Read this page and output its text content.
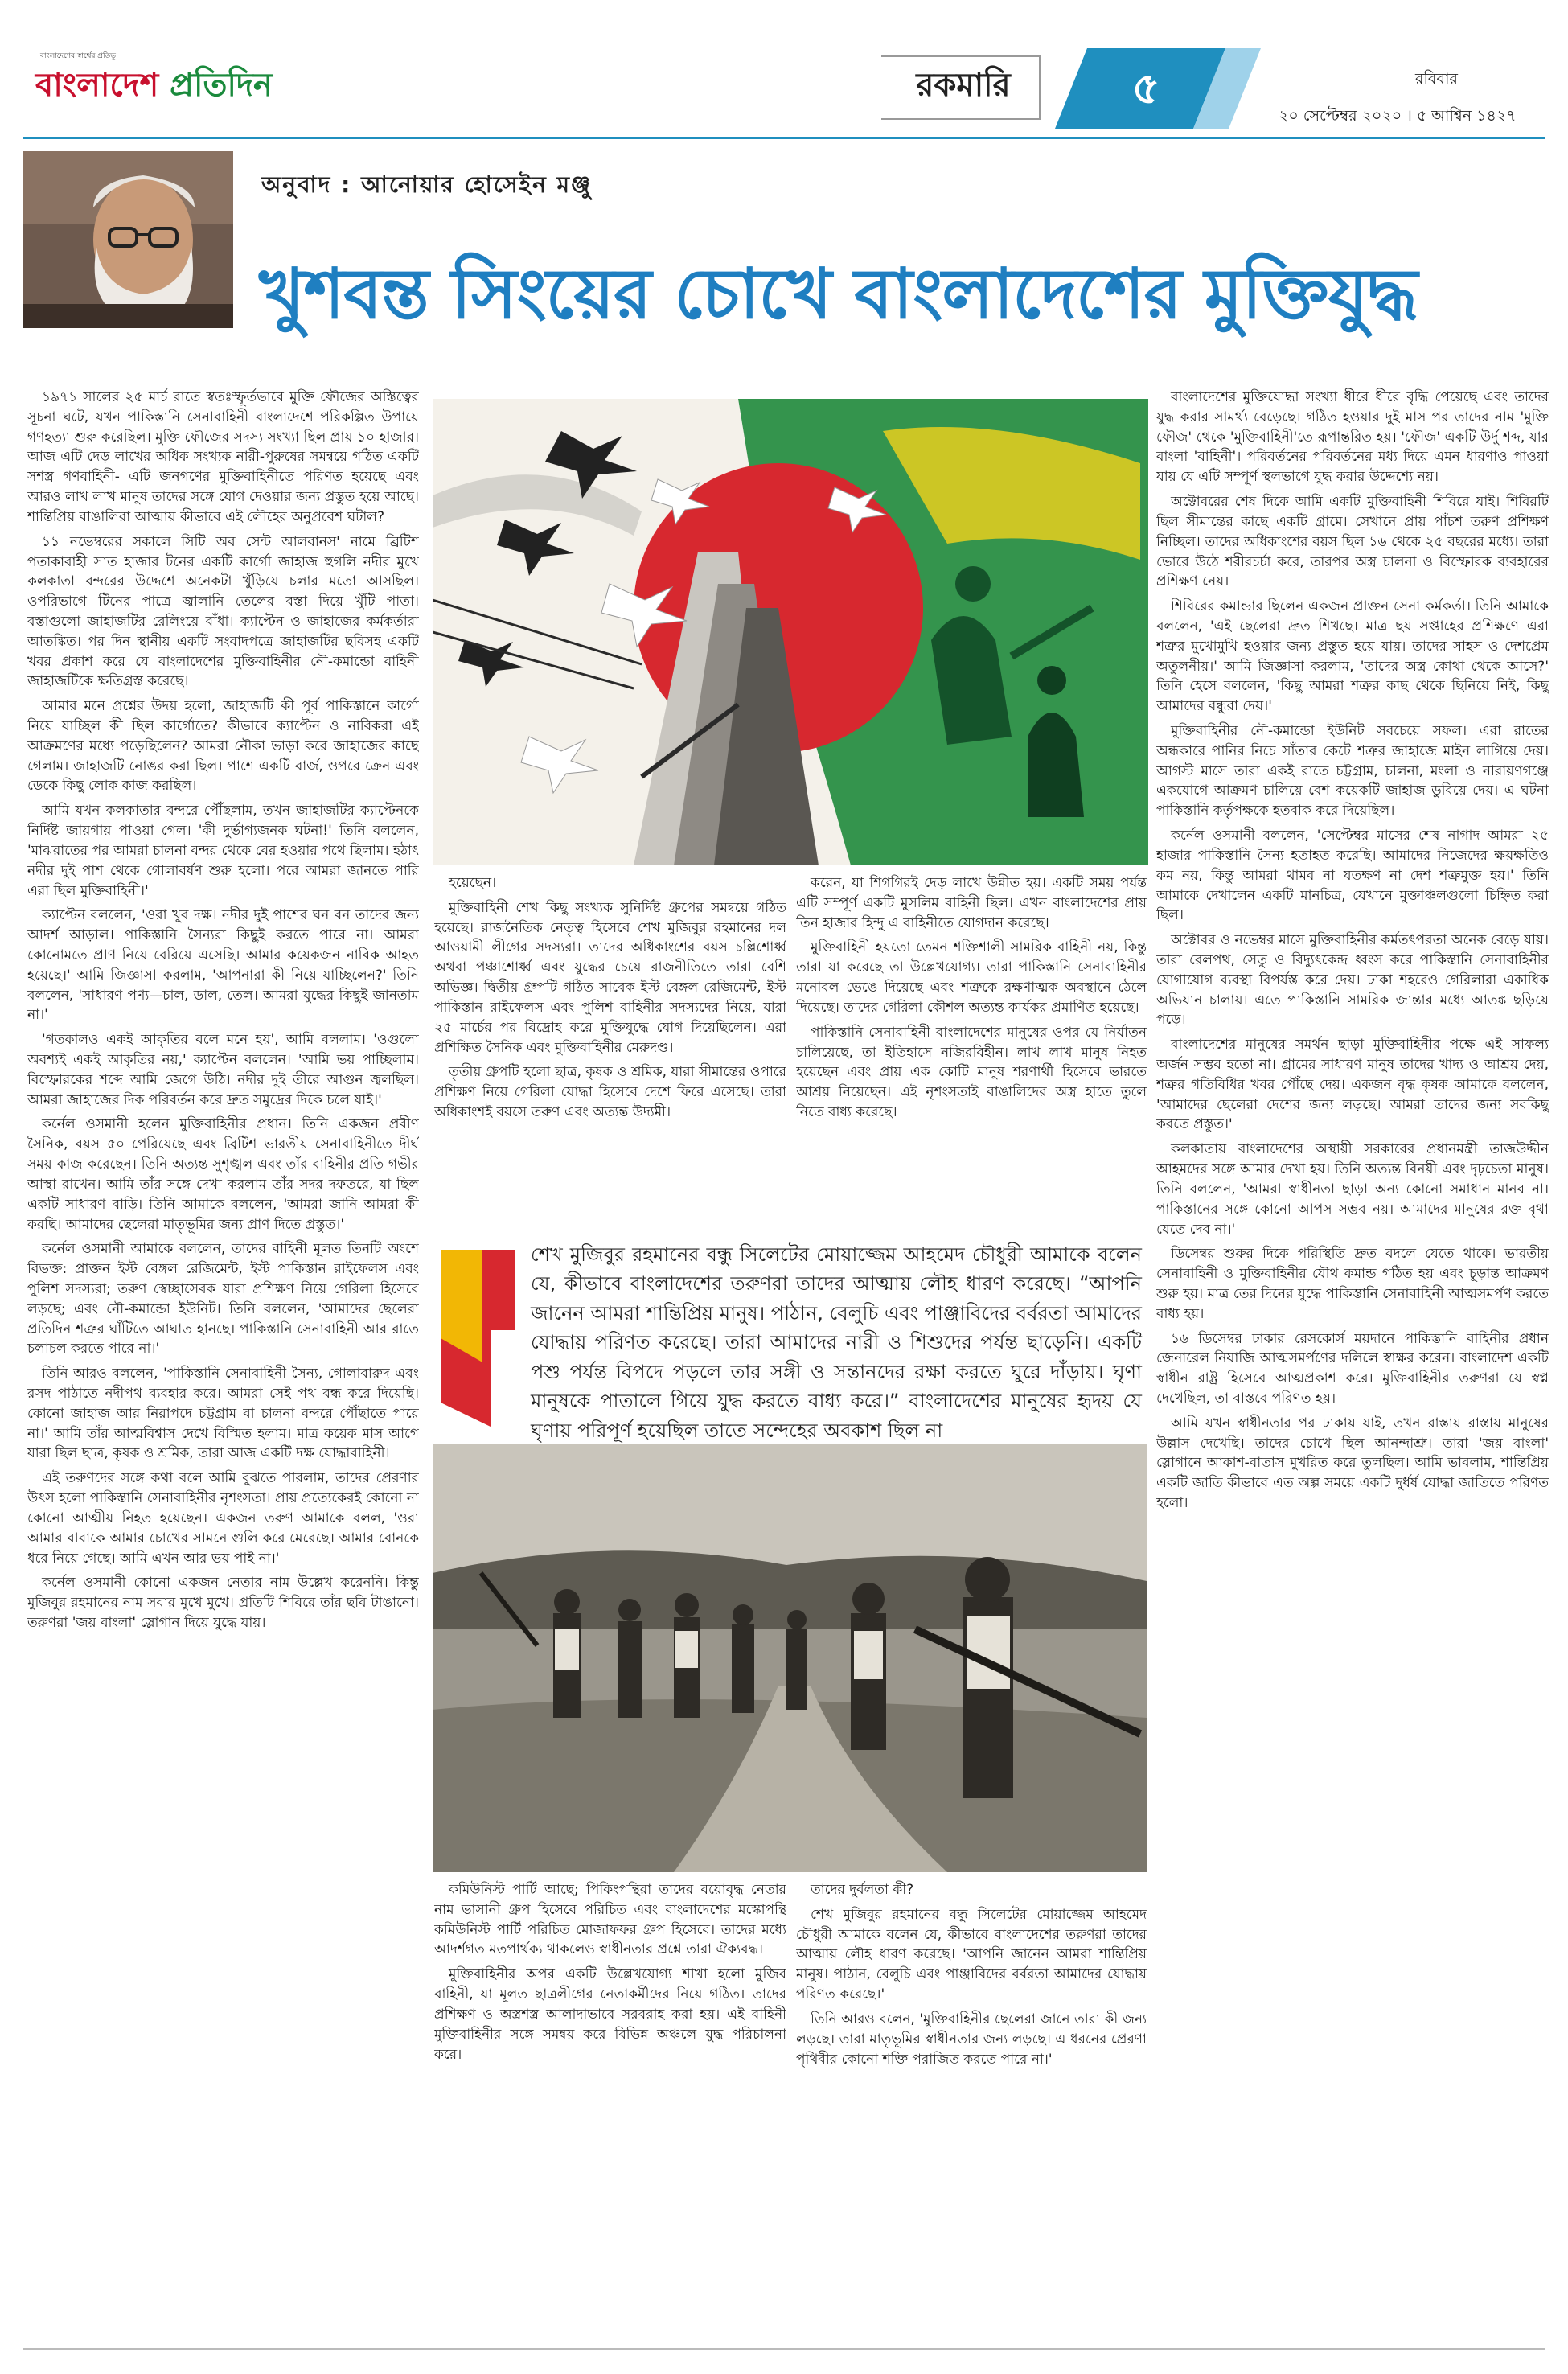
বাংলাদেশের স্বার্থের প্রতিভূ
বাংলাদেশ প্রতিদিন	রকমারি	৫	রবিবার
২০ সেপ্টেম্বর ২০২০ । ৫ আশ্বিন ১৪২৭
অনুবাদ : আনোয়ার হোসেইন মঞ্জু
খুশবন্ত সিংয়ের চোখে বাংলাদেশের মুক্তিযুদ্ধ

১৯৭১ সালের ২৫ মার্চ রাতে স্বতঃস্ফূর্তভাবে মুক্তি ফৌজের অস্তিত্বের সূচনা ঘটে, যখন পাকিস্তানি সেনাবাহিনী বাংলাদেশে পরিকল্পিত উপায়ে গণহত্যা শুরু করেছিল। মুক্তি ফৌজের সদস্য সংখ্যা ছিল প্রায় ১০ হাজার। আজ এটি দেড় লাখের অধিক সংখ্যক নারী-পুরুষের সমন্বয়ে গঠিত একটি সশস্ত্র গণবাহিনী- এটি জনগণের মুক্তিবাহিনীতে পরিণত হয়েছে এবং আরও লাখ লাখ মানুষ তাদের সঙ্গে যোগ দেওয়ার জন্য প্রস্তুত হয়ে আছে। শান্তিপ্রিয় বাঙালিরা আত্মায় কীভাবে এই লৌহের অনুপ্রবেশ ঘটাল?

১১ নভেম্বরের সকালে সিটি অব সেন্ট আলবানস' নামে ব্রিটিশ পতাকাবাহী সাত হাজার টনের একটি কার্গো জাহাজ হুগলি নদীর মুখে কলকাতা বন্দরের উদ্দেশে অনেকটা খুঁড়িয়ে চলার মতো আসছিল। ওপরিভাগে টিনের পাত্রে জ্বালানি তেলের বস্তা দিয়ে খুঁটি পাতা। বস্তাগুলো জাহাজটির রেলিংয়ে বাঁধা। ক্যাপ্টেন ও জাহাজের কর্মকর্তারা আতঙ্কিত। পর দিন স্থানীয় একটি সংবাদপত্রে জাহাজটির ছবিসহ একটি খবর প্রকাশ করে যে বাংলাদেশের মুক্তিবাহিনীর নৌ-কমান্ডো বাহিনী জাহাজটিকে ক্ষতিগ্রস্ত করেছে।

আমার মনে প্রশ্নের উদয় হলো, জাহাজটি কী পূর্ব পাকিস্তানে কার্গো নিয়ে যাচ্ছিল কী ছিল কার্গোতে? কীভাবে ক্যাপ্টেন ও নাবিকরা এই আক্রমণের মধ্যে পড়েছিলেন? আমরা নৌকা ভাড়া করে জাহাজের কাছে গেলাম। জাহাজটি নোঙর করা ছিল। পাশে একটি বার্জ, ওপরে ক্রেন এবং ডেকে কিছু লোক কাজ করছিল।

আমি যখন কলকাতার বন্দরে পৌঁছলাম, তখন জাহাজটির ক্যাপ্টেনকে নির্দিষ্ট জায়গায় পাওয়া গেল। 'কী দুর্ভাগ্যজনক ঘটনা!' তিনি বললেন, 'মাঝরাতের পর আমরা চালনা বন্দর থেকে বের হওয়ার পথে ছিলাম। হঠাৎ নদীর দুই পাশ থেকে গোলাবর্ষণ শুরু হলো। পরে আমরা জানতে পারি এরা ছিল মুক্তিবাহিনী।'

ক্যাপ্টেন বললেন, 'ওরা খুব দক্ষ। নদীর দুই পাশের ঘন বন তাদের জন্য আদর্শ আড়াল। পাকিস্তানি সৈন্যরা কিছুই করতে পারে না। আমরা কোনোমতে প্রাণ নিয়ে বেরিয়ে এসেছি। আমার কয়েকজন নাবিক আহত হয়েছে।' আমি জিজ্ঞাসা করলাম, 'আপনারা কী নিয়ে যাচ্ছিলেন?' তিনি বললেন, 'সাধারণ পণ্য—চাল, ডাল, তেল। আমরা যুদ্ধের কিছুই জানতাম না।'

'গতকালও একই আকৃতির বলে মনে হয়', আমি বললাম। 'ওগুলো অবশ্যই একই আকৃতির নয়,' ক্যাপ্টেন বললেন। 'আমি ভয় পাচ্ছিলাম। বিস্ফোরকের শব্দে আমি জেগে উঠি। নদীর দুই তীরে আগুন জ্বলছিল। আমরা জাহাজের দিক পরিবর্তন করে দ্রুত সমুদ্রের দিকে চলে যাই।'

কর্নেল ওসমানী হলেন মুক্তিবাহিনীর প্রধান। তিনি একজন প্রবীণ সৈনিক, বয়স ৫০ পেরিয়েছে এবং ব্রিটিশ ভারতীয় সেনাবাহিনীতে দীর্ঘ সময় কাজ করেছেন। তিনি অত্যন্ত সুশৃঙ্খল এবং তাঁর বাহিনীর প্রতি গভীর আস্থা রাখেন। আমি তাঁর সঙ্গে দেখা করলাম তাঁর সদর দফতরে, যা ছিল একটি সাধারণ বাড়ি। তিনি আমাকে বললেন, 'আমরা জানি আমরা কী করছি। আমাদের ছেলেরা মাতৃভূমির জন্য প্রাণ দিতে প্রস্তুত।'

কর্নেল ওসমানী আমাকে বললেন, তাদের বাহিনী মূলত তিনটি অংশে বিভক্ত: প্রাক্তন ইস্ট বেঙ্গল রেজিমেন্ট, ইস্ট পাকিস্তান রাইফেলস এবং পুলিশ সদস্যরা; তরুণ স্বেচ্ছাসেবক যারা প্রশিক্ষণ নিয়ে গেরিলা হিসেবে লড়ছে; এবং নৌ-কমান্ডো ইউনিট। তিনি বললেন, 'আমাদের ছেলেরা প্রতিদিন শত্রুর ঘাঁটিতে আঘাত হানছে। পাকিস্তানি সেনাবাহিনী আর রাতে চলাচল করতে পারে না।'

তিনি আরও বললেন, 'পাকিস্তানি সেনাবাহিনী সৈন্য, গোলাবারুদ এবং রসদ পাঠাতে নদীপথ ব্যবহার করে। আমরা সেই পথ বন্ধ করে দিয়েছি। কোনো জাহাজ আর নিরাপদে চট্টগ্রাম বা চালনা বন্দরে পৌঁছাতে পারে না।' আমি তাঁর আত্মবিশ্বাস দেখে বিস্মিত হলাম। মাত্র কয়েক মাস আগে যারা ছিল ছাত্র, কৃষক ও শ্রমিক, তারা আজ একটি দক্ষ যোদ্ধাবাহিনী।

এই তরুণদের সঙ্গে কথা বলে আমি বুঝতে পারলাম, তাদের প্রেরণার উৎস হলো পাকিস্তানি সেনাবাহিনীর নৃশংসতা। প্রায় প্রত্যেকেরই কোনো না কোনো আত্মীয় নিহত হয়েছেন। একজন তরুণ আমাকে বলল, 'ওরা আমার বাবাকে আমার চোখের সামনে গুলি করে মেরেছে। আমার বোনকে ধরে নিয়ে গেছে। আমি এখন আর ভয় পাই না।'

কর্নেল ওসমানী কোনো একজন নেতার নাম উল্লেখ করেননি। কিন্তু মুজিবুর রহমানের নাম সবার মুখে মুখে। প্রতিটি শিবিরে তাঁর ছবি টাঙানো। তরুণরা 'জয় বাংলা' স্লোগান দিয়ে যুদ্ধে যায়।

হয়েছেন।

মুক্তিবাহিনী শেখ কিছু সংখ্যক সুনির্দিষ্ট গ্রুপের সমন্বয়ে গঠিত হয়েছে। রাজনৈতিক নেতৃত্ব হিসেবে শেখ মুজিবুর রহমানের দল আওয়ামী লীগের সদস্যরা। তাদের অধিকাংশের বয়স চল্লিশোর্ধ্ব অথবা পঞ্চাশোর্ধ্ব এবং যুদ্ধের চেয়ে রাজনীতিতে তারা বেশি অভিজ্ঞ। দ্বিতীয় গ্রুপটি গঠিত সাবেক ইস্ট বেঙ্গল রেজিমেন্ট, ইস্ট পাকিস্তান রাইফেলস এবং পুলিশ বাহিনীর সদস্যদের নিয়ে, যারা ২৫ মার্চের পর বিদ্রোহ করে মুক্তিযুদ্ধে যোগ দিয়েছিলেন। এরা প্রশিক্ষিত সৈনিক এবং মুক্তিবাহিনীর মেরুদণ্ড।

তৃতীয় গ্রুপটি হলো ছাত্র, কৃষক ও শ্রমিক, যারা সীমান্তের ওপারে প্রশিক্ষণ নিয়ে গেরিলা যোদ্ধা হিসেবে দেশে ফিরে এসেছে। তারা অধিকাংশই বয়সে তরুণ এবং অত্যন্ত উদ্যমী।

করেন, যা শিগগিরই দেড় লাখে উন্নীত হয়। একটি সময় পর্যন্ত এটি সম্পূর্ণ একটি মুসলিম বাহিনী ছিল। এখন বাংলাদেশের প্রায় তিন হাজার হিন্দু এ বাহিনীতে যোগদান করেছে।

মুক্তিবাহিনী হয়তো তেমন শক্তিশালী সামরিক বাহিনী নয়, কিন্তু তারা যা করেছে তা উল্লেখযোগ্য। তারা পাকিস্তানি সেনাবাহিনীর মনোবল ভেঙে দিয়েছে এবং শত্রুকে রক্ষণাত্মক অবস্থানে ঠেলে দিয়েছে। তাদের গেরিলা কৌশল অত্যন্ত কার্যকর প্রমাণিত হয়েছে।

পাকিস্তানি সেনাবাহিনী বাংলাদেশের মানুষের ওপর যে নির্যাতন চালিয়েছে, তা ইতিহাসে নজিরবিহীন। লাখ লাখ মানুষ নিহত হয়েছেন এবং প্রায় এক কোটি মানুষ শরণার্থী হিসেবে ভারতে আশ্রয় নিয়েছেন। এই নৃশংসতাই বাঙালিদের অস্ত্র হাতে তুলে নিতে বাধ্য করেছে।

শেখ মুজিবুর রহমানের বন্ধু সিলেটের মোয়াজ্জেম আহমেদ চৌধুরী আমাকে বলেন যে, কীভাবে বাংলাদেশের তরুণরা তাদের আত্মায় লৌহ ধারণ করেছে। “আপনি জানেন আমরা শান্তিপ্রিয় মানুষ। পাঠান, বেলুচি এবং পাঞ্জাবিদের বর্বরতা আমাদের যোদ্ধায় পরিণত করেছে। তারা আমাদের নারী ও শিশুদের পর্যন্ত ছাড়েনি। একটি পশু পর্যন্ত বিপদে পড়লে তার সঙ্গী ও সন্তানদের রক্ষা করতে ঘুরে দাঁড়ায়। ঘৃণা মানুষকে পাতালে গিয়ে যুদ্ধ করতে বাধ্য করে।” বাংলাদেশের মানুষের হৃদয় যে ঘৃণায় পরিপূর্ণ হয়েছিল তাতে সন্দেহের অবকাশ ছিল না

কমিউনিস্ট পার্টি আছে; পিকিংপন্থিরা তাদের বয়োবৃদ্ধ নেতার নাম ভাসানী গ্রুপ হিসেবে পরিচিত এবং বাংলাদেশের মস্কোপন্থি কমিউনিস্ট পার্টি পরিচিত মোজাফফর গ্রুপ হিসেবে। তাদের মধ্যে আদর্শগত মতপার্থক্য থাকলেও স্বাধীনতার প্রশ্নে তারা ঐক্যবদ্ধ।

মুক্তিবাহিনীর অপর একটি উল্লেখযোগ্য শাখা হলো মুজিব বাহিনী, যা মূলত ছাত্রলীগের নেতাকর্মীদের নিয়ে গঠিত। তাদের প্রশিক্ষণ ও অস্ত্রশস্ত্র আলাদাভাবে সরবরাহ করা হয়। এই বাহিনী মুক্তিবাহিনীর সঙ্গে সমন্বয় করে বিভিন্ন অঞ্চলে যুদ্ধ পরিচালনা করে।

তাদের দুর্বলতা কী?

শেখ মুজিবুর রহমানের বন্ধু সিলেটের মোয়াজ্জেম আহমেদ চৌধুরী আমাকে বলেন যে, কীভাবে বাংলাদেশের তরুণরা তাদের আত্মায় লৌহ ধারণ করেছে। 'আপনি জানেন আমরা শান্তিপ্রিয় মানুষ। পাঠান, বেলুচি এবং পাঞ্জাবিদের বর্বরতা আমাদের যোদ্ধায় পরিণত করেছে।'

তিনি আরও বলেন, 'মুক্তিবাহিনীর ছেলেরা জানে তারা কী জন্য লড়ছে। তারা মাতৃভূমির স্বাধীনতার জন্য লড়ছে। এ ধরনের প্রেরণা পৃথিবীর কোনো শক্তি পরাজিত করতে পারে না।'

বাংলাদেশের মুক্তিযোদ্ধা সংখ্যা ধীরে ধীরে বৃদ্ধি পেয়েছে এবং তাদের যুদ্ধ করার সামর্থ্য বেড়েছে। গঠিত হওয়ার দুই মাস পর তাদের নাম 'মুক্তি ফৌজ' থেকে 'মুক্তিবাহিনী'তে রূপান্তরিত হয়। 'ফৌজ' একটি উর্দু শব্দ, যার বাংলা 'বাহিনী'। পরিবর্তনের পরিবর্তনের মধ্য দিয়ে এমন ধারণাও পাওয়া যায় যে এটি সম্পূর্ণ স্থলভাগে যুদ্ধ করার উদ্দেশ্যে নয়।

অক্টোবরের শেষ দিকে আমি একটি মুক্তিবাহিনী শিবিরে যাই। শিবিরটি ছিল সীমান্তের কাছে একটি গ্রামে। সেখানে প্রায় পাঁচশ তরুণ প্রশিক্ষণ নিচ্ছিল। তাদের অধিকাংশের বয়স ছিল ১৬ থেকে ২৫ বছরের মধ্যে। তারা ভোরে উঠে শরীরচর্চা করে, তারপর অস্ত্র চালনা ও বিস্ফোরক ব্যবহারের প্রশিক্ষণ নেয়।

শিবিরের কমান্ডার ছিলেন একজন প্রাক্তন সেনা কর্মকর্তা। তিনি আমাকে বললেন, 'এই ছেলেরা দ্রুত শিখছে। মাত্র ছয় সপ্তাহের প্রশিক্ষণে এরা শত্রুর মুখোমুখি হওয়ার জন্য প্রস্তুত হয়ে যায়। তাদের সাহস ও দেশপ্রেম অতুলনীয়।' আমি জিজ্ঞাসা করলাম, 'তাদের অস্ত্র কোথা থেকে আসে?' তিনি হেসে বললেন, 'কিছু আমরা শত্রুর কাছ থেকে ছিনিয়ে নিই, কিছু আমাদের বন্ধুরা দেয়।'

মুক্তিবাহিনীর নৌ-কমান্ডো ইউনিট সবচেয়ে সফল। এরা রাতের অন্ধকারে পানির নিচে সাঁতার কেটে শত্রুর জাহাজে মাইন লাগিয়ে দেয়। আগস্ট মাসে তারা একই রাতে চট্টগ্রাম, চালনা, মংলা ও নারায়ণগঞ্জে একযোগে আক্রমণ চালিয়ে বেশ কয়েকটি জাহাজ ডুবিয়ে দেয়। এ ঘটনা পাকিস্তানি কর্তৃপক্ষকে হতবাক করে দিয়েছিল।

কর্নেল ওসমানী বললেন, 'সেপ্টেম্বর মাসের শেষ নাগাদ আমরা ২৫ হাজার পাকিস্তানি সৈন্য হতাহত করেছি। আমাদের নিজেদের ক্ষয়ক্ষতিও কম নয়, কিন্তু আমরা থামব না যতক্ষণ না দেশ শত্রুমুক্ত হয়।' তিনি আমাকে দেখালেন একটি মানচিত্র, যেখানে মুক্তাঞ্চলগুলো চিহ্নিত করা ছিল।

অক্টোবর ও নভেম্বর মাসে মুক্তিবাহিনীর কর্মতৎপরতা অনেক বেড়ে যায়। তারা রেলপথ, সেতু ও বিদ্যুৎকেন্দ্র ধ্বংস করে পাকিস্তানি সেনাবাহিনীর যোগাযোগ ব্যবস্থা বিপর্যস্ত করে দেয়। ঢাকা শহরেও গেরিলারা একাধিক অভিযান চালায়। এতে পাকিস্তানি সামরিক জান্তার মধ্যে আতঙ্ক ছড়িয়ে পড়ে।

বাংলাদেশের মানুষের সমর্থন ছাড়া মুক্তিবাহিনীর পক্ষে এই সাফল্য অর্জন সম্ভব হতো না। গ্রামের সাধারণ মানুষ তাদের খাদ্য ও আশ্রয় দেয়, শত্রুর গতিবিধির খবর পৌঁছে দেয়। একজন বৃদ্ধ কৃষক আমাকে বললেন, 'আমাদের ছেলেরা দেশের জন্য লড়ছে। আমরা তাদের জন্য সবকিছু করতে প্রস্তুত।'

কলকাতায় বাংলাদেশের অস্থায়ী সরকারের প্রধানমন্ত্রী তাজউদ্দীন আহমদের সঙ্গে আমার দেখা হয়। তিনি অত্যন্ত বিনয়ী এবং দৃঢ়চেতা মানুষ। তিনি বললেন, 'আমরা স্বাধীনতা ছাড়া অন্য কোনো সমাধান মানব না। পাকিস্তানের সঙ্গে কোনো আপস সম্ভব নয়। আমাদের মানুষের রক্ত বৃথা যেতে দেব না।'

ডিসেম্বর শুরুর দিকে পরিস্থিতি দ্রুত বদলে যেতে থাকে। ভারতীয় সেনাবাহিনী ও মুক্তিবাহিনীর যৌথ কমান্ড গঠিত হয় এবং চূড়ান্ত আক্রমণ শুরু হয়। মাত্র তের দিনের যুদ্ধে পাকিস্তানি সেনাবাহিনী আত্মসমর্পণ করতে বাধ্য হয়।

১৬ ডিসেম্বর ঢাকার রেসকোর্স ময়দানে পাকিস্তানি বাহিনীর প্রধান জেনারেল নিয়াজি আত্মসমর্পণের দলিলে স্বাক্ষর করেন। বাংলাদেশ একটি স্বাধীন রাষ্ট্র হিসেবে আত্মপ্রকাশ করে। মুক্তিবাহিনীর তরুণরা যে স্বপ্ন দেখেছিল, তা বাস্তবে পরিণত হয়।

আমি যখন স্বাধীনতার পর ঢাকায় যাই, তখন রাস্তায় রাস্তায় মানুষের উল্লাস দেখেছি। তাদের চোখে ছিল আনন্দাশ্রু। তারা 'জয় বাংলা' স্লোগানে আকাশ-বাতাস মুখরিত করে তুলছিল। আমি ভাবলাম, শান্তিপ্রিয় একটি জাতি কীভাবে এত অল্প সময়ে একটি দুর্ধর্ষ যোদ্ধা জাতিতে পরিণত হলো।
